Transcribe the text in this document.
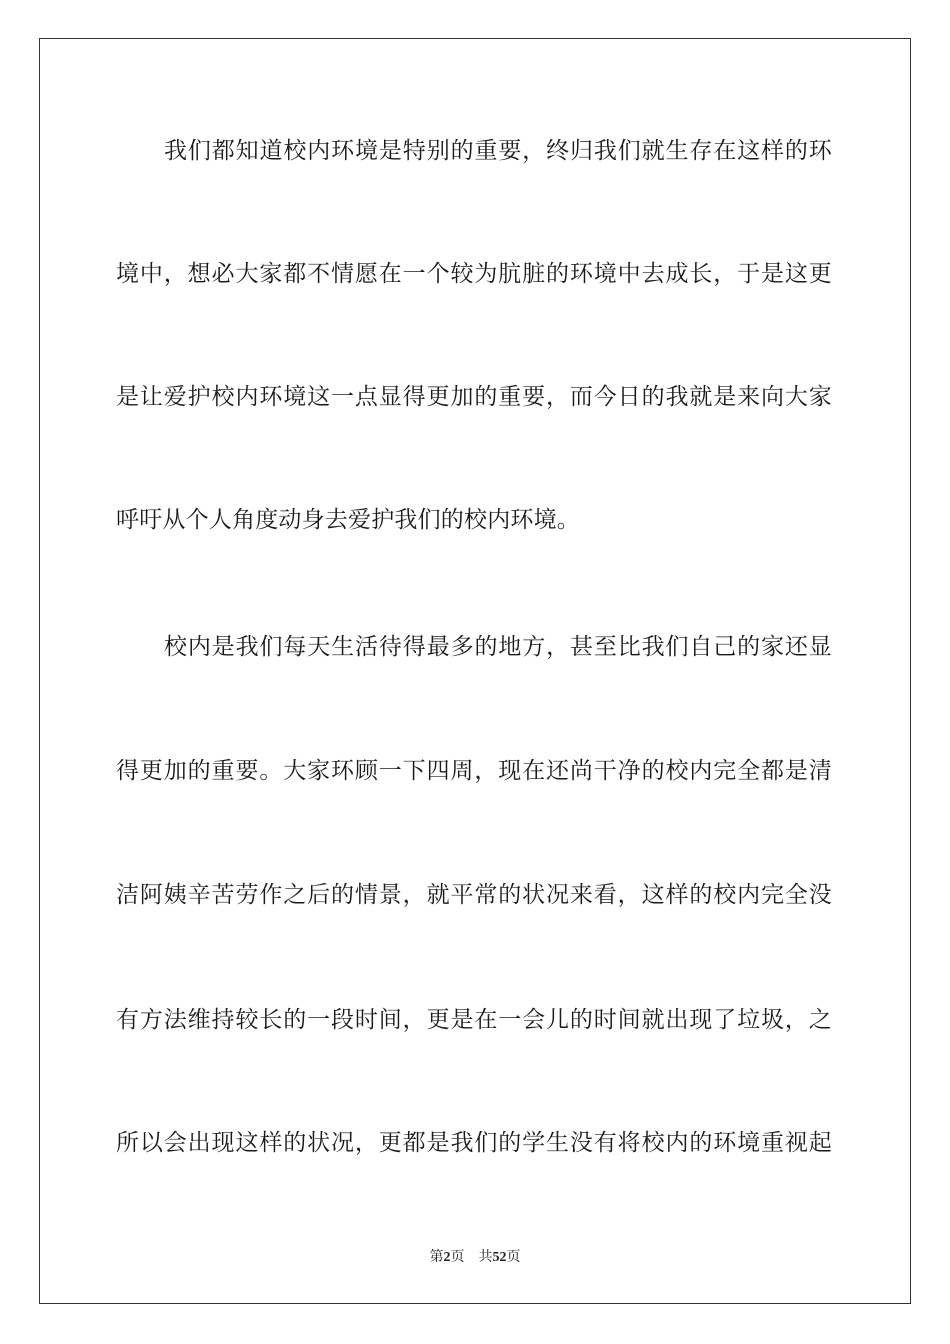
我们都知道校内环境是特别的重要，终归我们就生存在这样的环
境中，想必大家都不情愿在一个较为肮脏的环境中去成长，于是这更
是让爱护校内环境这一点显得更加的重要，而今日的我就是来向大家
呼吁从个人角度动身去爱护我们的校内环境。
校内是我们每天生活待得最多的地方，甚至比我们自己的家还显
得更加的重要。大家环顾一下四周，现在还尚干净的校内完全都是清
洁阿姨辛苦劳作之后的情景，就平常的状况来看，这样的校内完全没
有方法维持较长的一段时间，更是在一会儿的时间就出现了垃圾，之
所以会出现这样的状况，更都是我们的学生没有将校内的环境重视起
第2页 共52页
